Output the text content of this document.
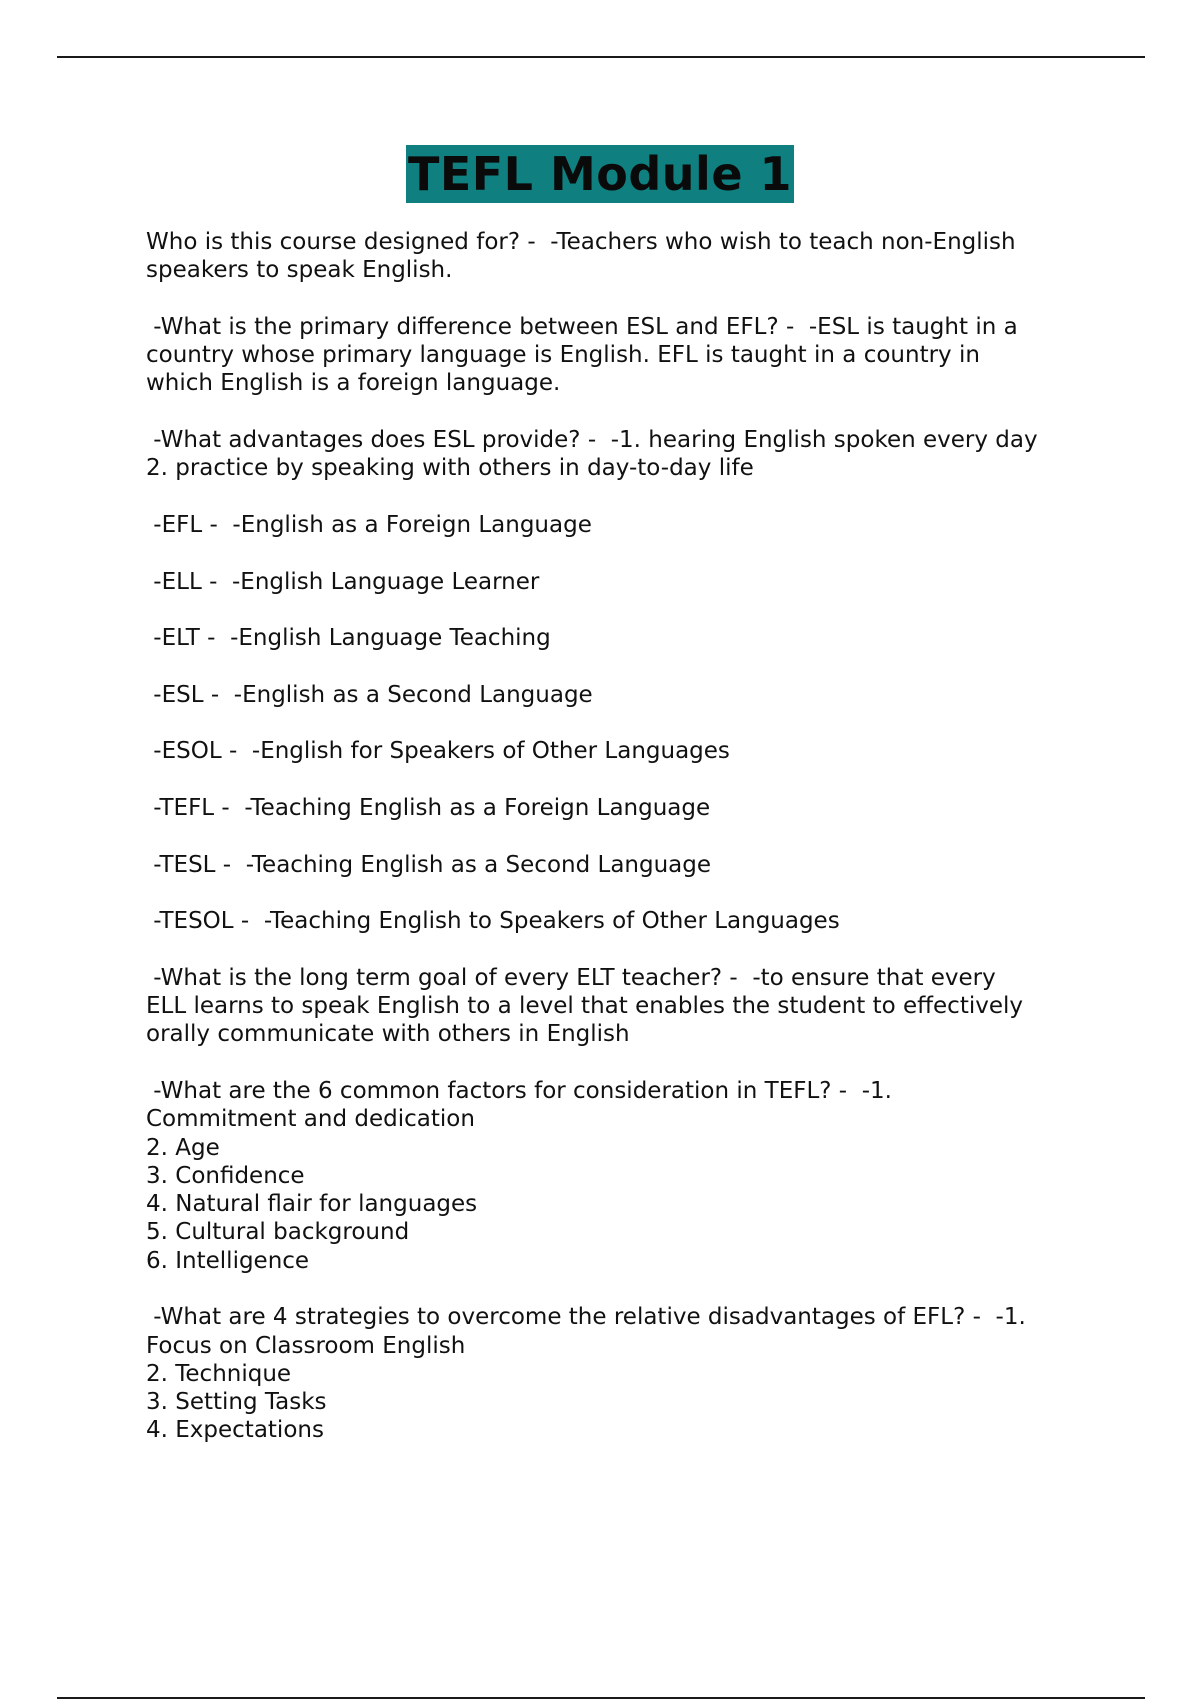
TEFL Module 1
Who is this course designed for? -  -Teachers who wish to teach non-English
speakers to speak English.
-What is the primary difference between ESL and EFL? -  -ESL is taught in a
country whose primary language is English. EFL is taught in a country in
which English is a foreign language.
-What advantages does ESL provide? -  -1. hearing English spoken every day
2. practice by speaking with others in day-to-day life
-EFL -  -English as a Foreign Language
-ELL -  -English Language Learner
-ELT -  -English Language Teaching
-ESL -  -English as a Second Language
-ESOL -  -English for Speakers of Other Languages
-TEFL -  -Teaching English as a Foreign Language
-TESL -  -Teaching English as a Second Language
-TESOL -  -Teaching English to Speakers of Other Languages
-What is the long term goal of every ELT teacher? -  -to ensure that every
ELL learns to speak English to a level that enables the student to effectively
orally communicate with others in English
-What are the 6 common factors for consideration in TEFL? -  -1.
Commitment and dedication
2. Age
3. Confidence
4. Natural flair for languages
5. Cultural background
6. Intelligence
-What are 4 strategies to overcome the relative disadvantages of EFL? -  -1.
Focus on Classroom English
2. Technique
3. Setting Tasks
4. Expectations
